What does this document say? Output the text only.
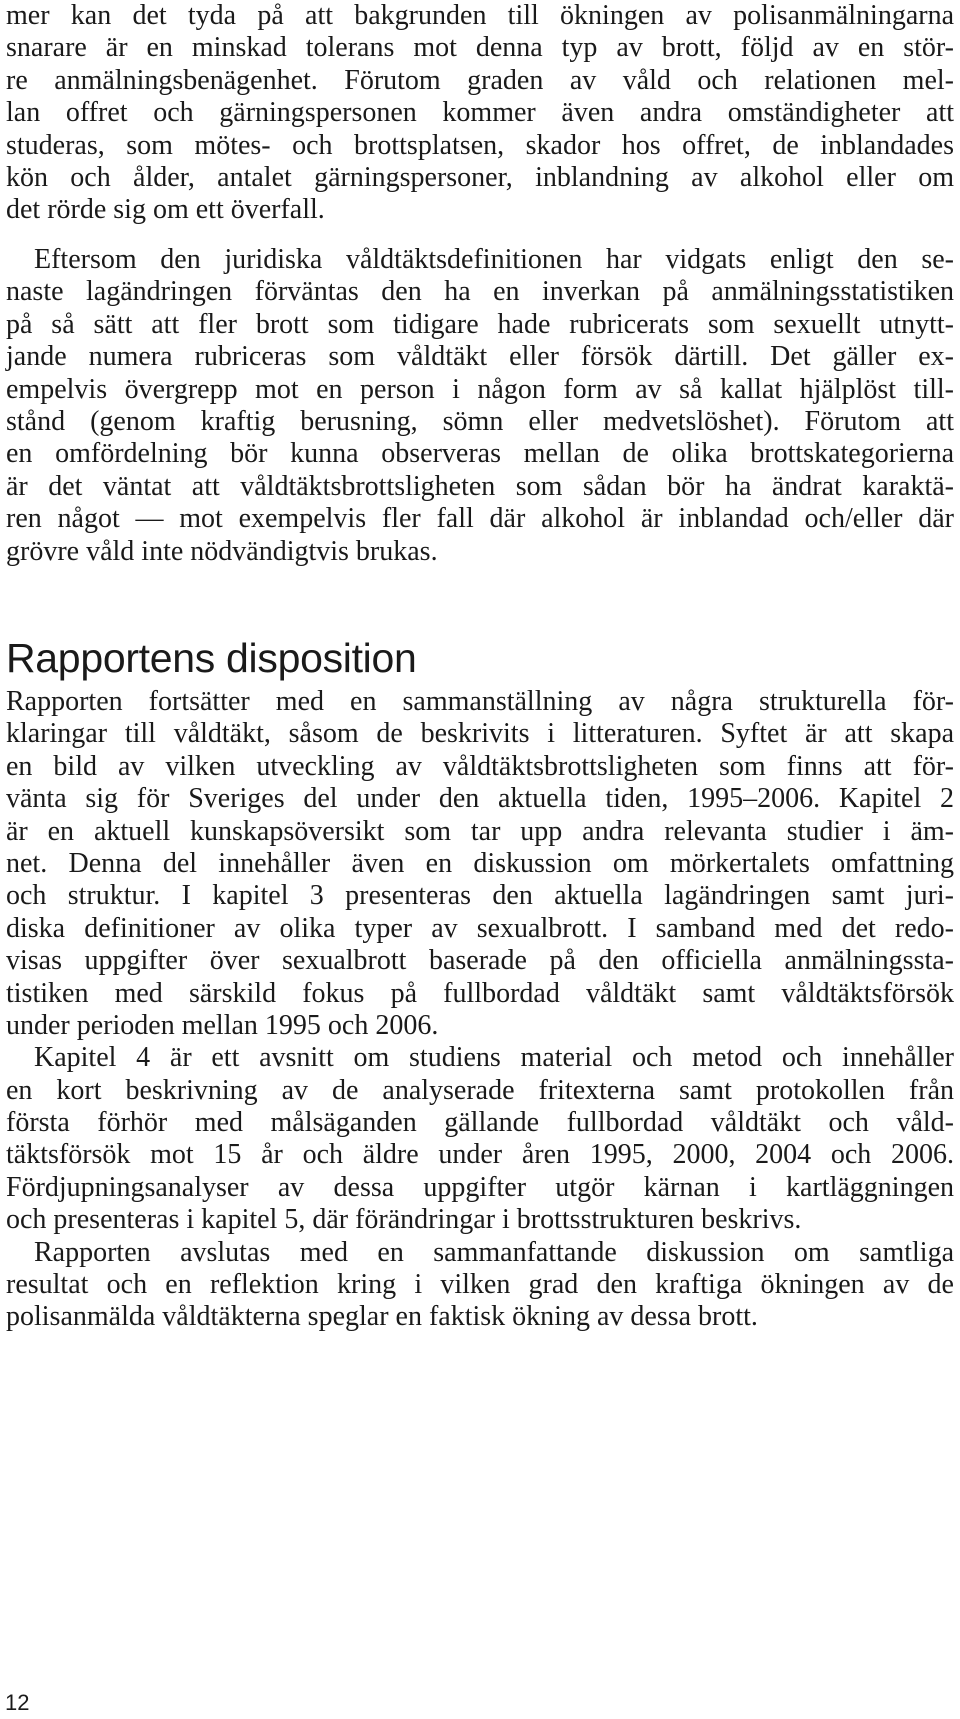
mer kan det tyda på att bakgrunden till ökningen av polisanmälningarna
snarare är en minskad tolerans mot denna typ av brott, följd av en stör-
re anmälningsbenägenhet. Förutom graden av våld och relationen mel-
lan offret och gärningspersonen kommer även andra omständigheter att
studeras, som mötes- och brottsplatsen, skador hos offret, de inblandades
kön och ålder, antalet gärningspersoner, inblandning av alkohol eller om
det rörde sig om ett överfall.
Eftersom den juridiska våldtäktsdefinitionen har vidgats enligt den se-
naste lagändringen förväntas den ha en inverkan på anmälningsstatistiken
på så sätt att fler brott som tidigare hade rubricerats som sexuellt utnytt-
jande numera rubriceras som våldtäkt eller försök därtill. Det gäller ex-
empelvis övergrepp mot en person i någon form av så kallat hjälplöst till-
stånd (genom kraftig berusning, sömn eller medvetslöshet). Förutom att
en omfördelning bör kunna observeras mellan de olika brottskategorierna
är det väntat att våldtäktsbrottsligheten som sådan bör ha ändrat karaktä-
ren något — mot exempelvis fler fall där alkohol är inblandad och/eller där
grövre våld inte nödvändigtvis brukas.
Rapportens disposition
Rapporten fortsätter med en sammanställning av några strukturella för-
klaringar till våldtäkt, såsom de beskrivits i litteraturen. Syftet är att skapa
en bild av vilken utveckling av våldtäktsbrottsligheten som finns att för-
vänta sig för Sveriges del under den aktuella tiden, 1995–2006. Kapitel 2
är en aktuell kunskapsöversikt som tar upp andra relevanta studier i äm-
net. Denna del innehåller även en diskussion om mörkertalets omfattning
och struktur. I kapitel 3 presenteras den aktuella lagändringen samt juri-
diska definitioner av olika typer av sexualbrott. I samband med det redo-
visas uppgifter över sexualbrott baserade på den officiella anmälningssta-
tistiken med särskild fokus på fullbordad våldtäkt samt våldtäktsförsök
under perioden mellan 1995 och 2006.
Kapitel 4 är ett avsnitt om studiens material och metod och innehåller
en kort beskrivning av de analyserade fritexterna samt protokollen från
första förhör med målsäganden gällande fullbordad våldtäkt och våld-
täktsförsök mot 15 år och äldre under åren 1995, 2000, 2004 och 2006.
Fördjupningsanalyser av dessa uppgifter utgör kärnan i kartläggningen
och presenteras i kapitel 5, där förändringar i brottsstrukturen beskrivs.
Rapporten avslutas med en sammanfattande diskussion om samtliga
resultat och en reflektion kring i vilken grad den kraftiga ökningen av de
polisanmälda våldtäkterna speglar en faktisk ökning av dessa brott.
12
